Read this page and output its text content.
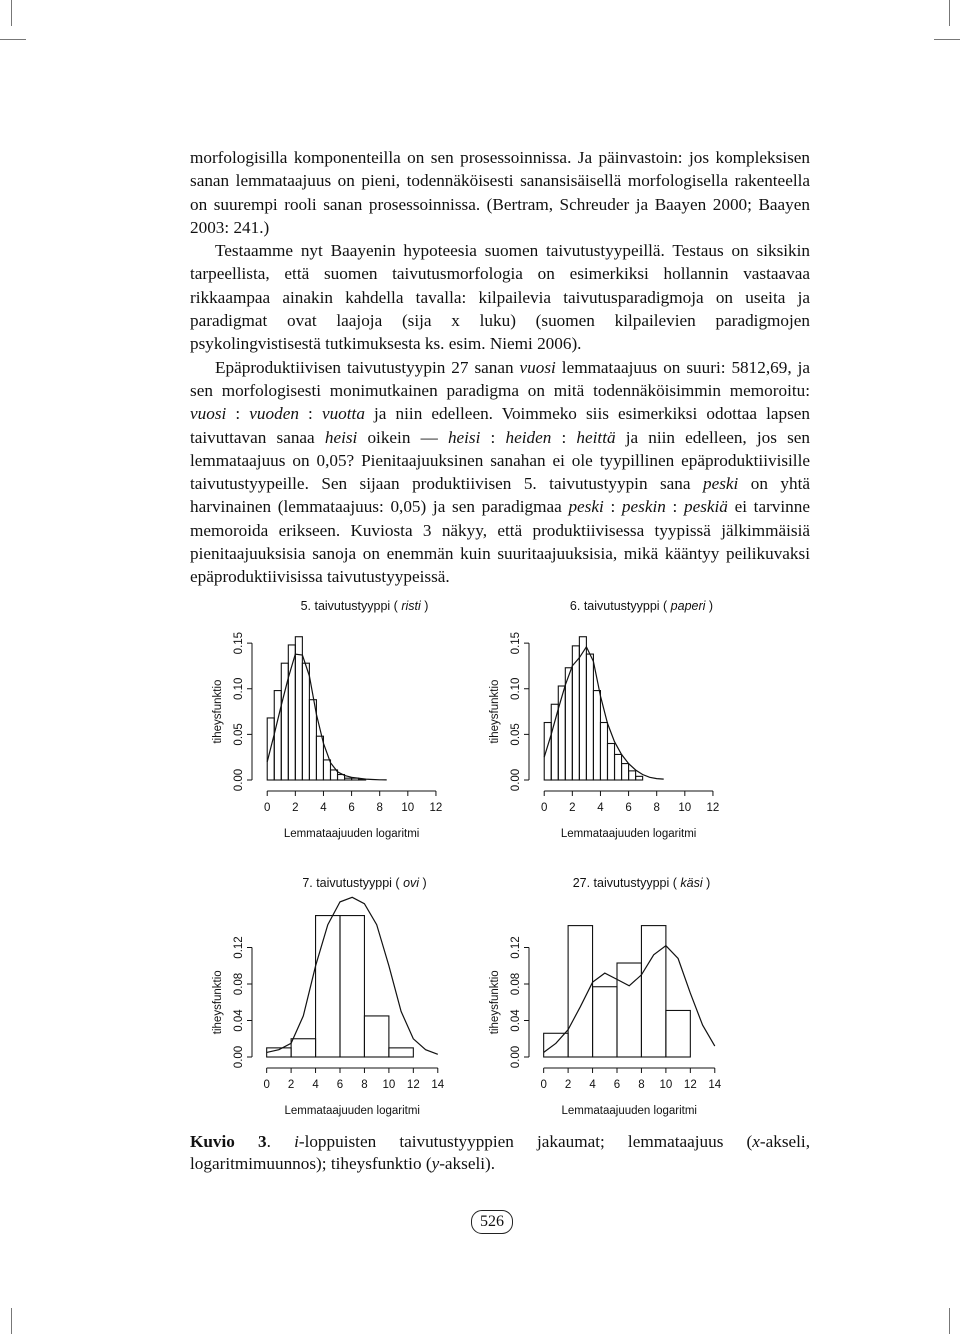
morfologisilla komponenteilla on sen prosessoinnissa. Ja päinvastoin: jos kompleksisen sanan lemmataajuus on pieni, todennäköisesti sanansisäisellä morfologisella rakenteella on suurempi rooli sanan prosessoinnissa. (Bertram, Schreuder ja Baayen 2000; Baayen 2003: 241.)

Testaamme nyt Baayenin hypoteesia suomen taivutustyypeillä. Testaus on siksikin tarpeellista, että suomen taivutusmorfologia on esimerkiksi hollannin vastaavaa rikkaampaa ainakin kahdella tavalla: kilpailevia taivutusparadigmoja on useita ja paradigmat ovat laajoja (sija x luku) (suomen kilpailevien paradigmojen psykolingvistisestä tutkimuksesta ks. esim. Niemi 2006).

Epäproduktiivisen taivutustyypin 27 sanan vuosi lemmataajuus on suuri: 5812,69, ja sen morfologisesti monimutkainen paradigma on mitä todennäköisimmin memoroitu: vuosi : vuoden : vuotta ja niin edelleen. Voimmeko siis esimerkiksi odottaa lapsen taivuttavan sanaa heisi oikein — heisi : heiden : heittä ja niin edelleen, jos sen lemmataajuus on 0,05? Pienitaajuuksinen sanahan ei ole tyypillinen epäproduktiivisille taivutustyypeille. Sen sijaan produktiivisen 5. taivutustyypin sana peski on yhtä harvinainen (lemmataajuus: 0,05) ja sen paradigmaa peski : peskin : peskiä ei tarvinne memoroida erikseen. Kuviosta 3 näkyy, että produktiivisessa tyypissä jälkimmäisiä pienitaajuuksisia sanoja on enemmän kuin suuritaajuuksisia, mikä kääntyy peilikuvaksi epäproduktiivisissa taivutustyypeissä.

5. taivutustyyppi ( risti )
0 2 4 6 8 10 12
Lemmataajuuden logaritmi
0.00
0.05
0.10
0.15
tiheysfunktio
6. taivutustyyppi ( paperi )
0 2 4 6 8 10 12
Lemmataajuuden logaritmi
0.00
0.05
0.10
0.15
tiheysfunktio
7. taivutustyyppi ( ovi )
0 2 4 6 8 10 12 14
Lemmataajuuden logaritmi
0.00
0.04
0.08
0.12
tiheysfunktio
27. taivutustyyppi ( käsi )
0 2 4 6 8 10 12 14
Lemmataajuuden logaritmi
0.00
0.04
0.08
0.12
tiheysfunktio
Kuvio 3. i-loppuisten taivutustyyppien jakaumat; lemmataajuus (x-akseli, logaritmimuunnos); tiheysfunktio (y-akseli).
526
